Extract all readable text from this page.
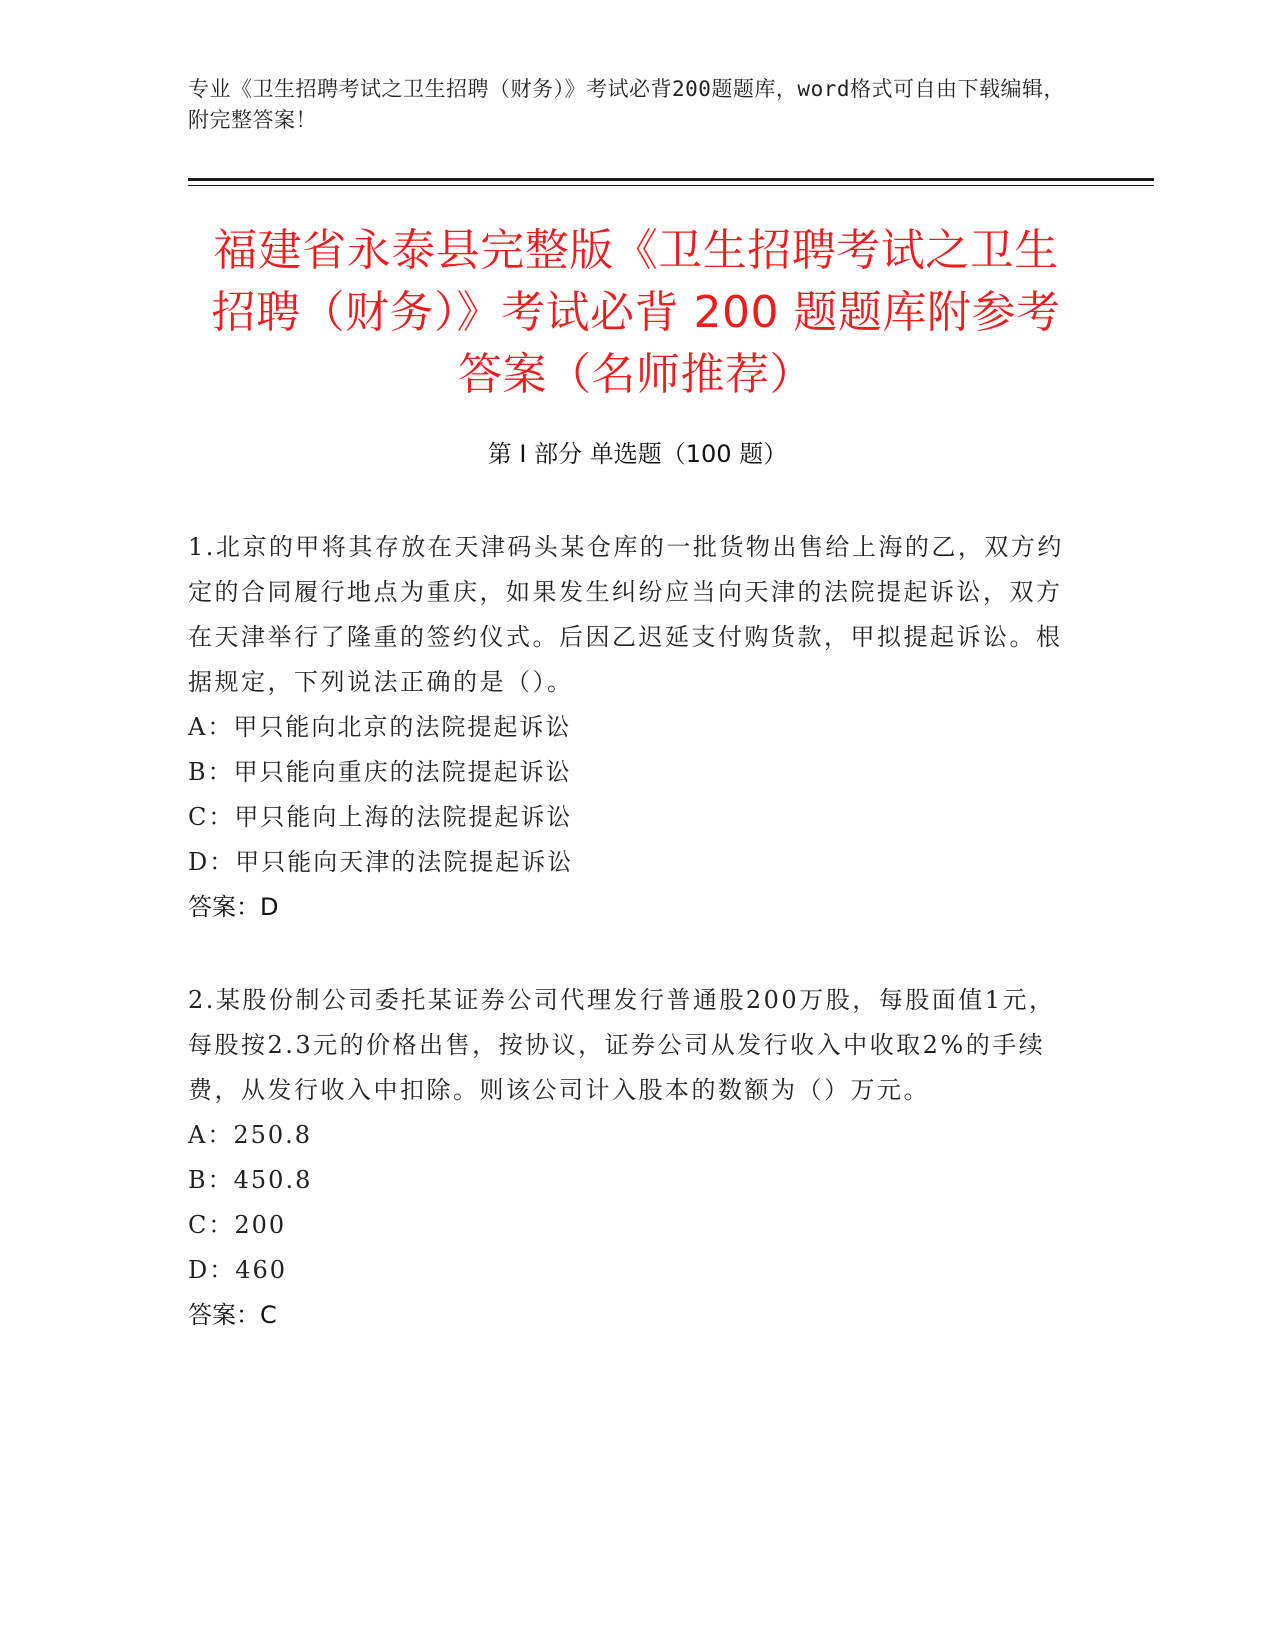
专业《卫生招聘考试之卫生招聘（财务）》考试必背200题题库，word格式可自由下载编辑，附完整答案！
福建省永泰县完整版《卫生招聘考试之卫生
招聘（财务）》考试必背 200 题题库附参考
答案（名师推荐）
第 I 部分 单选题（100 题）

1.北京的甲将其存放在天津码头某仓库的一批货物出售给上海的乙，双方约定的合同履行地点为重庆，如果发生纠纷应当向天津的法院提起诉讼，双方在天津举行了隆重的签约仪式。后因乙迟延支付购货款，甲拟提起诉讼。根据规定，下列说法正确的是（）。

A：甲只能向北京的法院提起诉讼

B：甲只能向重庆的法院提起诉讼

C：甲只能向上海的法院提起诉讼

D：甲只能向天津的法院提起诉讼

答案：D

2.某股份制公司委托某证券公司代理发行普通股200万股，每股面值1元，每股按2.3元的价格出售，按协议，证券公司从发行收入中收取2%的手续费，从发行收入中扣除。则该公司计入股本的数额为（）万元。

A：250.8

B：450.8

C：200

D：460

答案：C
